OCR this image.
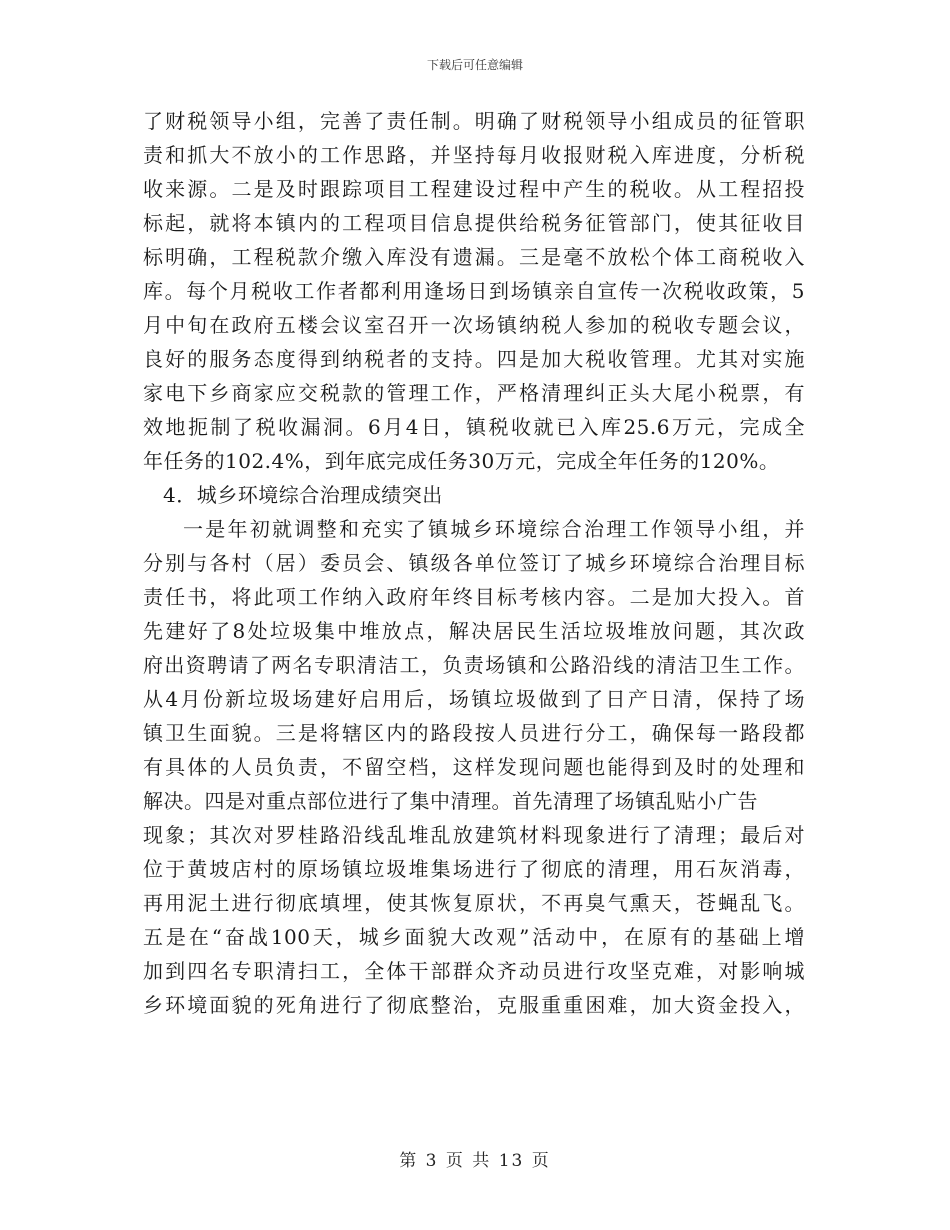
下载后可任意编辑
了财税领导小组，完善了责任制。明确了财税领导小组成员的征管职
责和抓大不放小的工作思路，并坚持每月收报财税入库进度，分析税
收来源。二是及时跟踪项目工程建设过程中产生的税收。从工程招投
标起，就将本镇内的工程项目信息提供给税务征管部门，使其征收目
标明确，工程税款介缴入库没有遗漏。三是毫不放松个体工商税收入
库。每个月税收工作者都利用逢场日到场镇亲自宣传一次税收政策，5
月中旬在政府五楼会议室召开一次场镇纳税人参加的税收专题会议，
良好的服务态度得到纳税者的支持。四是加大税收管理。尤其对实施
家电下乡商家应交税款的管理工作，严格清理纠正头大尾小税票，有
效地扼制了税收漏洞。6月4日，镇税收就已入库25.6万元，完成全
年任务的102.4%，到年底完成任务30万元，完成全年任务的120%。
4．城乡环境综合治理成绩突出
一是年初就调整和充实了镇城乡环境综合治理工作领导小组，并
分别与各村（居）委员会、镇级各单位签订了城乡环境综合治理目标
责任书，将此项工作纳入政府年终目标考核内容。二是加大投入。首
先建好了8处垃圾集中堆放点，解决居民生活垃圾堆放问题，其次政
府出资聘请了两名专职清洁工，负责场镇和公路沿线的清洁卫生工作。
从4月份新垃圾场建好启用后，场镇垃圾做到了日产日清，保持了场
镇卫生面貌。三是将辖区内的路段按人员进行分工，确保每一路段都
有具体的人员负责，不留空档，这样发现问题也能得到及时的处理和
解决。四是对重点部位进行了集中清理。首先清理了场镇乱贴小广告
现象；其次对罗桂路沿线乱堆乱放建筑材料现象进行了清理；最后对
位于黄坡店村的原场镇垃圾堆集场进行了彻底的清理，用石灰消毒，
再用泥土进行彻底填埋，使其恢复原状，不再臭气熏天，苍蝇乱飞。
五是在“奋战100天，城乡面貌大改观”活动中，在原有的基础上增
加到四名专职清扫工，全体干部群众齐动员进行攻坚克难，对影响城
乡环境面貌的死角进行了彻底整治，克服重重困难，加大资金投入，
第 3 页 共 13 页
